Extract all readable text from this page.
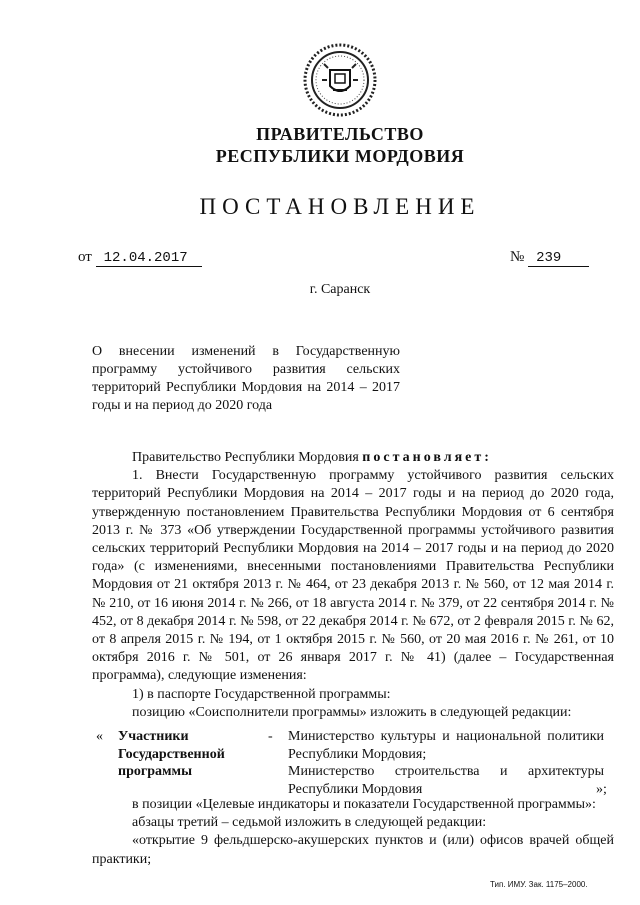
ПРАВИТЕЛЬСТВО
РЕСПУБЛИКИ МОРДОВИЯ
ПОСТАНОВЛЕНИЕ
от 12.04.2017	№ 239
г. Саранск
О внесении изменений в Государственную программу устойчивого развития сельских территорий Республики Мордовия на 2014 – 2017 годы и на период до 2020 года

Правительство Республики Мордовия постановляет:

1. Внести Государственную программу устойчивого развития сельских территорий Республики Мордовия на 2014 – 2017 годы и на период до 2020 года, утвержденную постановлением Правительства Республики Мордовия от 6 сентября 2013 г. № 373 «Об утверждении Государственной программы устойчивого развития сельских территорий Республики Мордовия на 2014 – 2017 годы и на период до 2020 года» (с изменениями, внесенными постановлениями Правительства Республики Мордовия от 21 октября 2013 г. № 464, от 23 декабря 2013 г. № 560, от 12 мая 2014 г. № 210, от 16 июня 2014 г. № 266, от 18 августа 2014 г. № 379, от 22 сентября 2014 г. № 452, от 8 декабря 2014 г. № 598, от 22 декабря 2014 г. № 672, от 2 февраля 2015 г. № 62, от 8 апреля 2015 г. № 194, от 1 октября 2015 г. № 560, от 20 мая 2016 г. № 261, от 10 октября 2016 г. № 501, от 26 января 2017 г. № 41) (далее – Государственная программа), следующие изменения:

1) в паспорте Государственной программы:

позицию «Соисполнители программы» изложить в следующей редакции:

« Участники Государственной программы
- Министерство культуры и национальной политики Республики Мордовия;
Министерство строительства и архитектуры Республики Мордовия	»;

в позиции «Целевые индикаторы и показатели Государственной программы»:

абзацы третий – седьмой изложить в следующей редакции:

«открытие 9 фельдшерско-акушерских пунктов и (или) офисов врачей общей практики;

Тип. ИМУ. Зак. 1175–2000.
